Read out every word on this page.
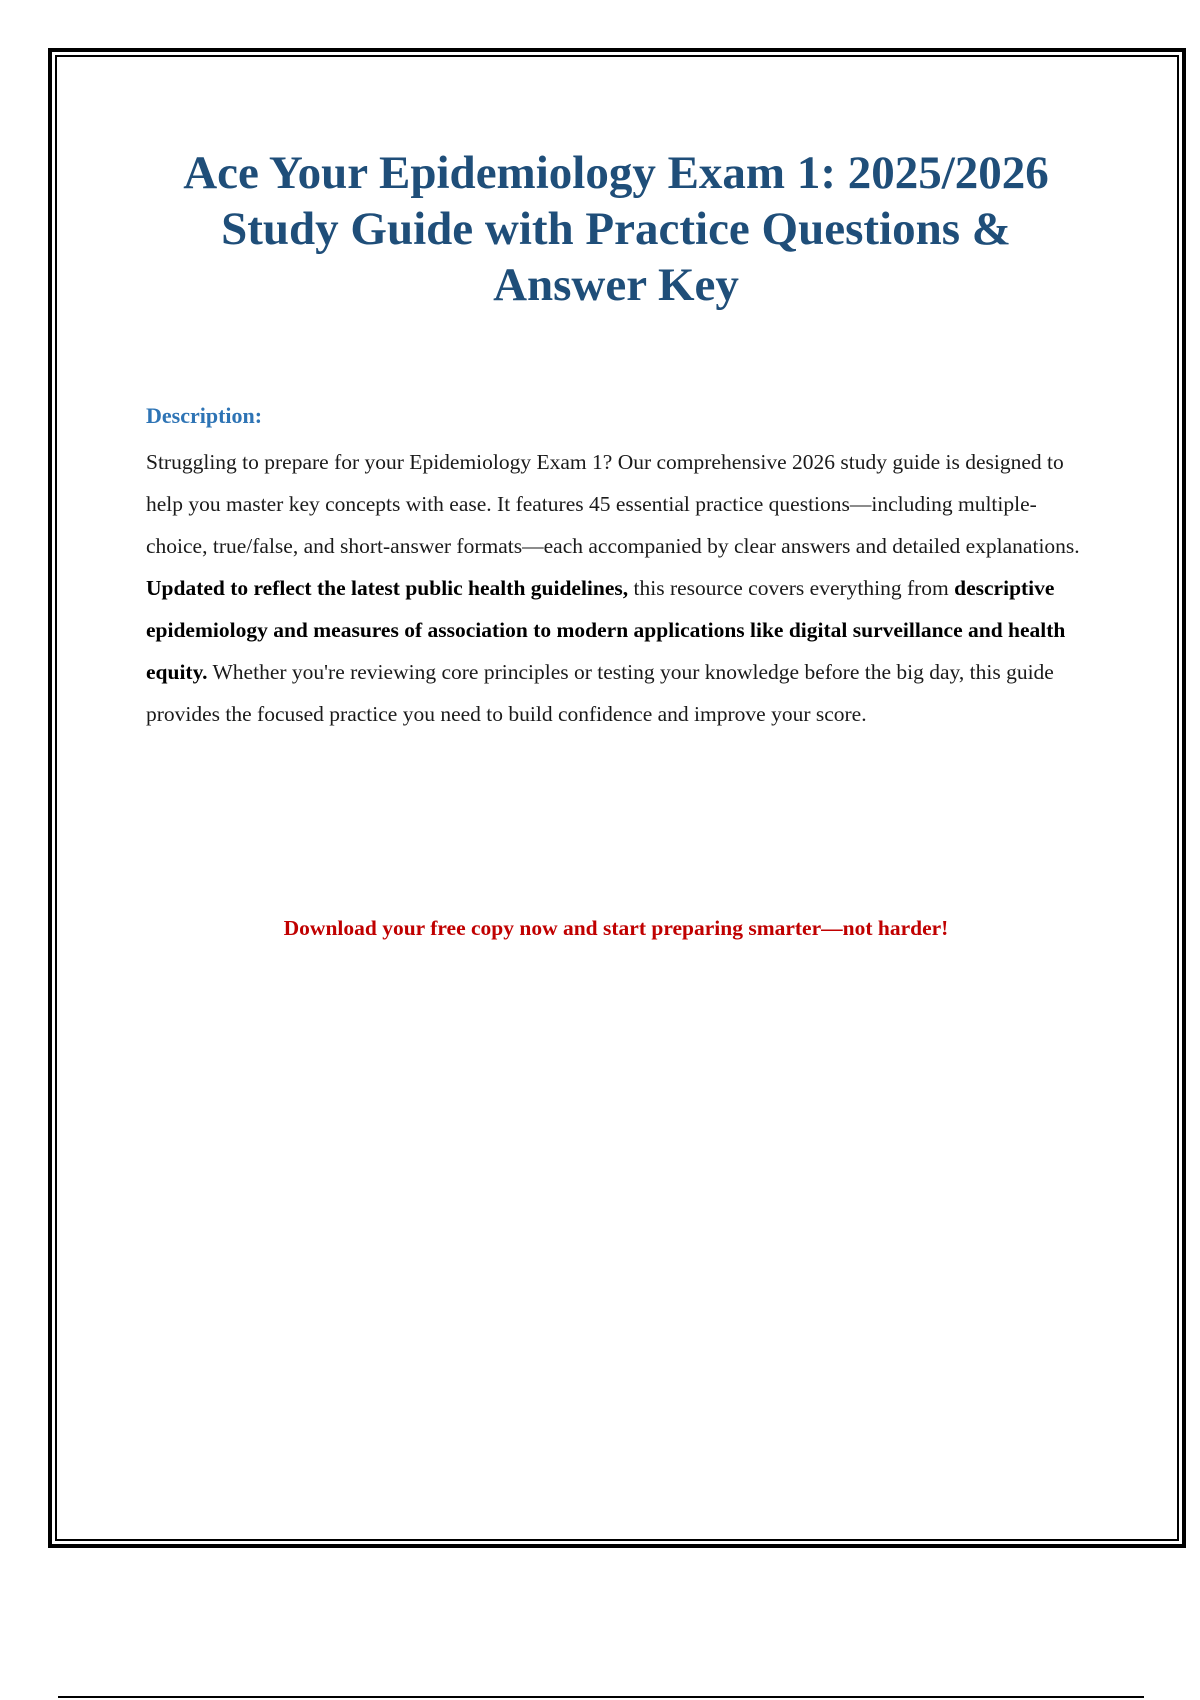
Ace Your Epidemiology Exam 1: 2025/2026
Study Guide with Practice Questions &
Answer Key

Description:

Struggling to prepare for your Epidemiology Exam 1? Our comprehensive 2026 study guide is designed to help you master key concepts with ease. It features 45 essential practice questions—including multiple-choice, true/false, and short-answer formats—each accompanied by clear answers and detailed explanations. Updated to reflect the latest public health guidelines, this resource covers everything from descriptive epidemiology and measures of association to modern applications like digital surveillance and health equity. Whether you're reviewing core principles or testing your knowledge before the big day, this guide provides the focused practice you need to build confidence and improve your score.

Download your free copy now and start preparing smarter—not harder!
